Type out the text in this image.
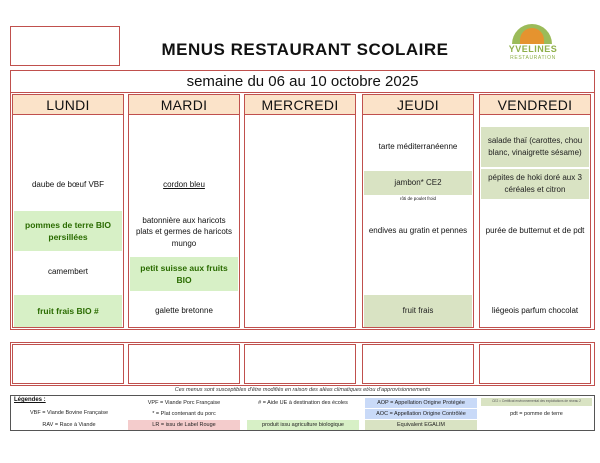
MENUS RESTAURANT SCOLAIRE	YVELINES
RESTAURATION
semaine du 06 au 10 octobre 2025
LUNDI
daube de bœuf VBF
pommes de terre BIO persillées
camembert
fruit frais BIO #
MARDI
cordon bleu
batonnière aux haricots plats et germes de haricots mungo
petit suisse aux fruits BIO
galette bretonne
MERCREDI	JEUDI
tarte méditerranéenne
jambon* CE2
rôti de poulet froid
endives au gratin et pennes
fruit frais
VENDREDI
salade thaï (carottes, chou blanc, vinaigrette sésame)
pépites de hoki doré aux 3 céréales et citron
purée de butternut et de pdt
liégeois parfum chocolat
Ces menus sont susceptibles d'être modifiés en raison des aléas climatiques et/ou d'approvisionnements
Légendes :
VBF = Viande Bovine Française
RAV = Race à Viande
VPF = Viande Porc Française
* = Plat contenant du porc
LR = issu de Label Rouge
# = Aide UE à destination des écoles
produit issu agriculture biologique
AOP = Appellation Origine Protégée
AOC = Appellation Origine Contrôlée
Equivalent EGALIM
CE2 = Certificat environnemental des exploitations de niveau 2
pdt = pomme de terre
